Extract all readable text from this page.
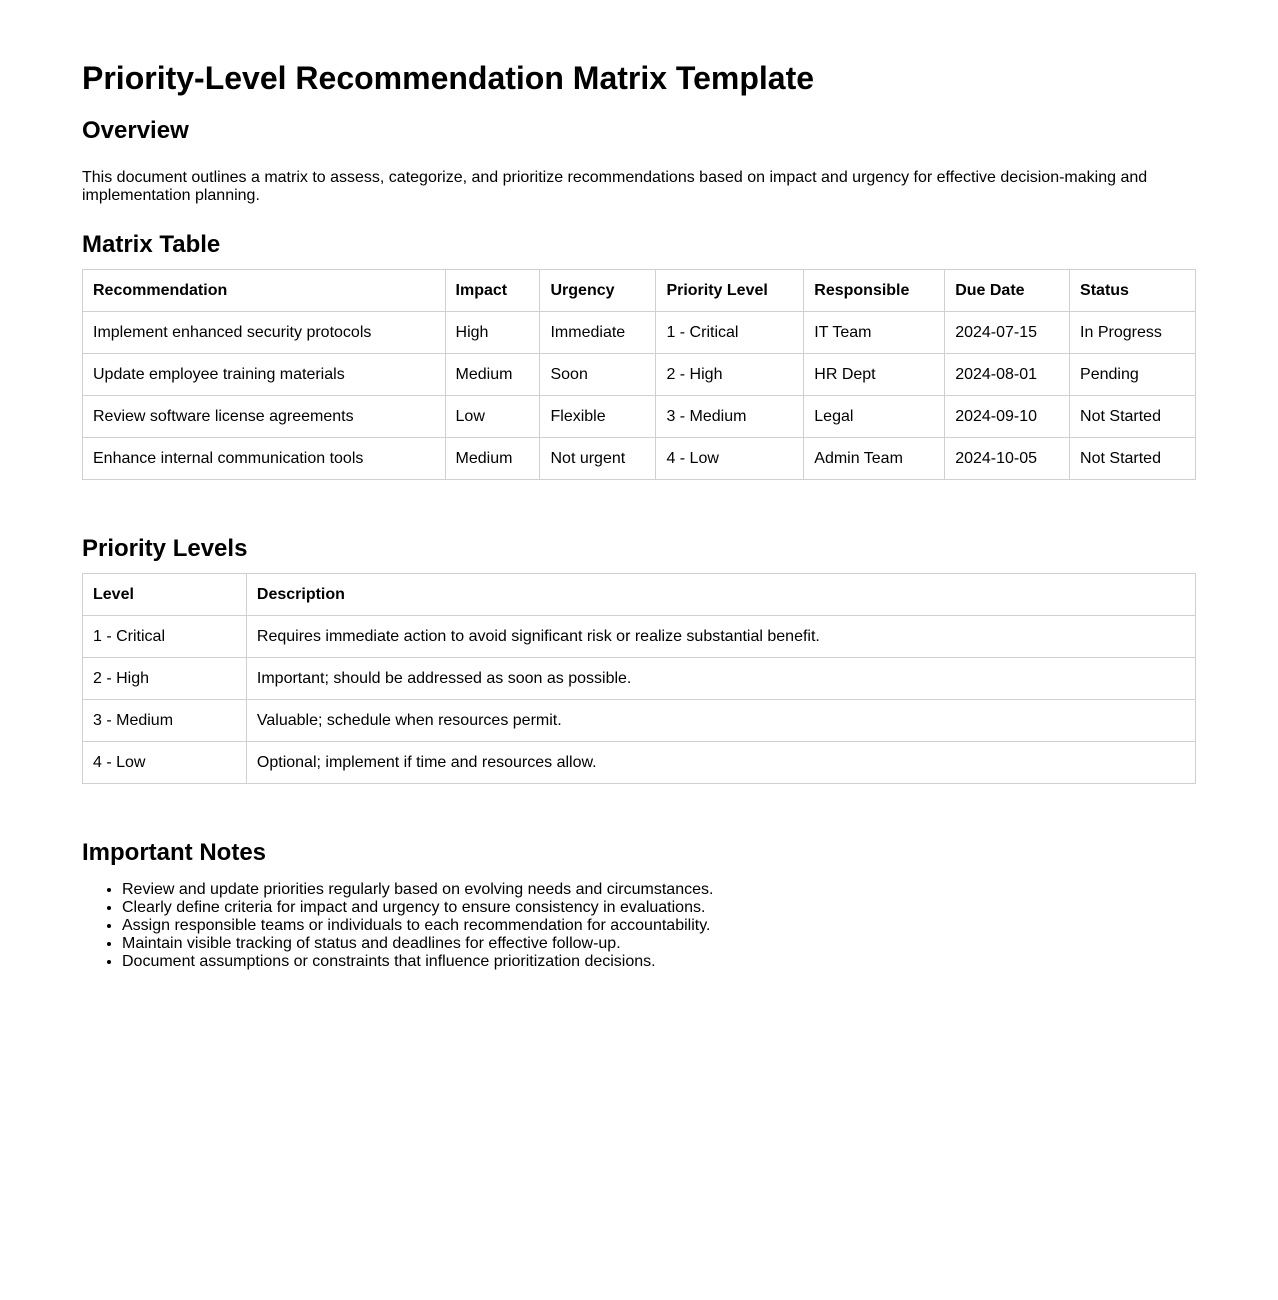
Priority-Level Recommendation Matrix Template
Overview

This document outlines a matrix to assess, categorize, and prioritize recommendations based on impact and urgency for effective decision-making and implementation planning.

Matrix Table
Recommendation	Impact	Urgency	Priority Level	Responsible	Due Date	Status
Implement enhanced security protocols	High	Immediate	1 - Critical	IT Team	2024-07-15	In Progress
Update employee training materials	Medium	Soon	2 - High	HR Dept	2024-08-01	Pending
Review software license agreements	Low	Flexible	3 - Medium	Legal	2024-09-10	Not Started
Enhance internal communication tools	Medium	Not urgent	4 - Low	Admin Team	2024-10-05	Not Started
Priority Levels
Level	Description
1 - Critical	Requires immediate action to avoid significant risk or realize substantial benefit.
2 - High	Important; should be addressed as soon as possible.
3 - Medium	Valuable; schedule when resources permit.
4 - Low	Optional; implement if time and resources allow.
Important Notes
• Review and update priorities regularly based on evolving needs and circumstances.
• Clearly define criteria for impact and urgency to ensure consistency in evaluations.
• Assign responsible teams or individuals to each recommendation for accountability.
• Maintain visible tracking of status and deadlines for effective follow-up.
• Document assumptions or constraints that influence prioritization decisions.
